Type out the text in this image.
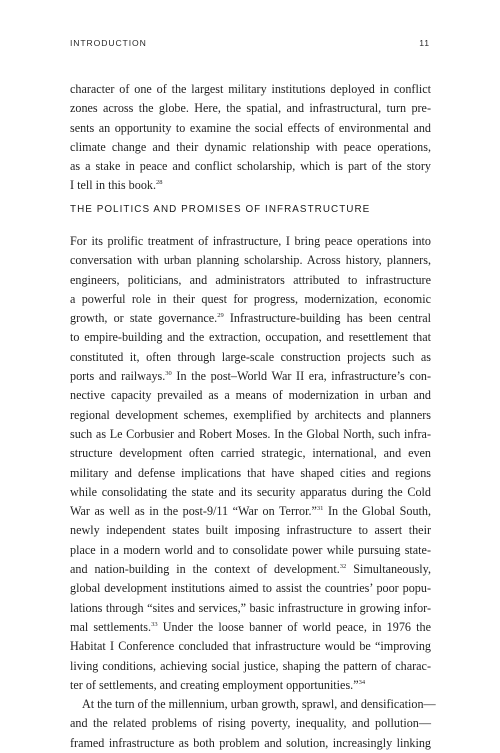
INTRODUCTION	11
character of one of the largest military institutions deployed in conflict
zones across the globe. Here, the spatial, and infrastructural, turn pre-
sents an opportunity to examine the social effects of environmental and
climate change and their dynamic relationship with peace operations,
as a stake in peace and conflict scholarship, which is part of the story
I tell in this book.$^{28}$
THE POLITICS AND PROMISES OF INFRASTRUCTURE
For its prolific treatment of infrastructure, I bring peace operations into
conversation with urban planning scholarship. Across history, planners,
engineers, politicians, and administrators attributed to infrastructure
a powerful role in their quest for progress, modernization, economic
growth, or state governance.$^{29}$ Infrastructure-building has been central
to empire-building and the extraction, occupation, and resettlement that
constituted it, often through large-scale construction projects such as
ports and railways.$^{30}$ In the post–World War II era, infrastructure’s con-
nective capacity prevailed as a means of modernization in urban and
regional development schemes, exemplified by architects and planners
such as Le Corbusier and Robert Moses. In the Global North, such infra-
structure development often carried strategic, international, and even
military and defense implications that have shaped cities and regions
while consolidating the state and its security apparatus during the Cold
War as well as in the post-9/11 “War on Terror.”$^{31}$ In the Global South,
newly independent states built imposing infrastructure to assert their
place in a modern world and to consolidate power while pursuing state-
and nation-building in the context of development.$^{32}$ Simultaneously,
global development institutions aimed to assist the countries’ poor popu-
lations through “sites and services,” basic infrastructure in growing infor-
mal settlements.$^{33}$ Under the loose banner of world peace, in 1976 the
Habitat I Conference concluded that infrastructure would be “improving
living conditions, achieving social justice, shaping the pattern of charac-
ter of settlements, and creating employment opportunities.”$^{34}$
At the turn of the millennium, urban growth, sprawl, and densification—
and the related problems of rising poverty, inequality, and pollution—
framed infrastructure as both problem and solution, increasingly linking
